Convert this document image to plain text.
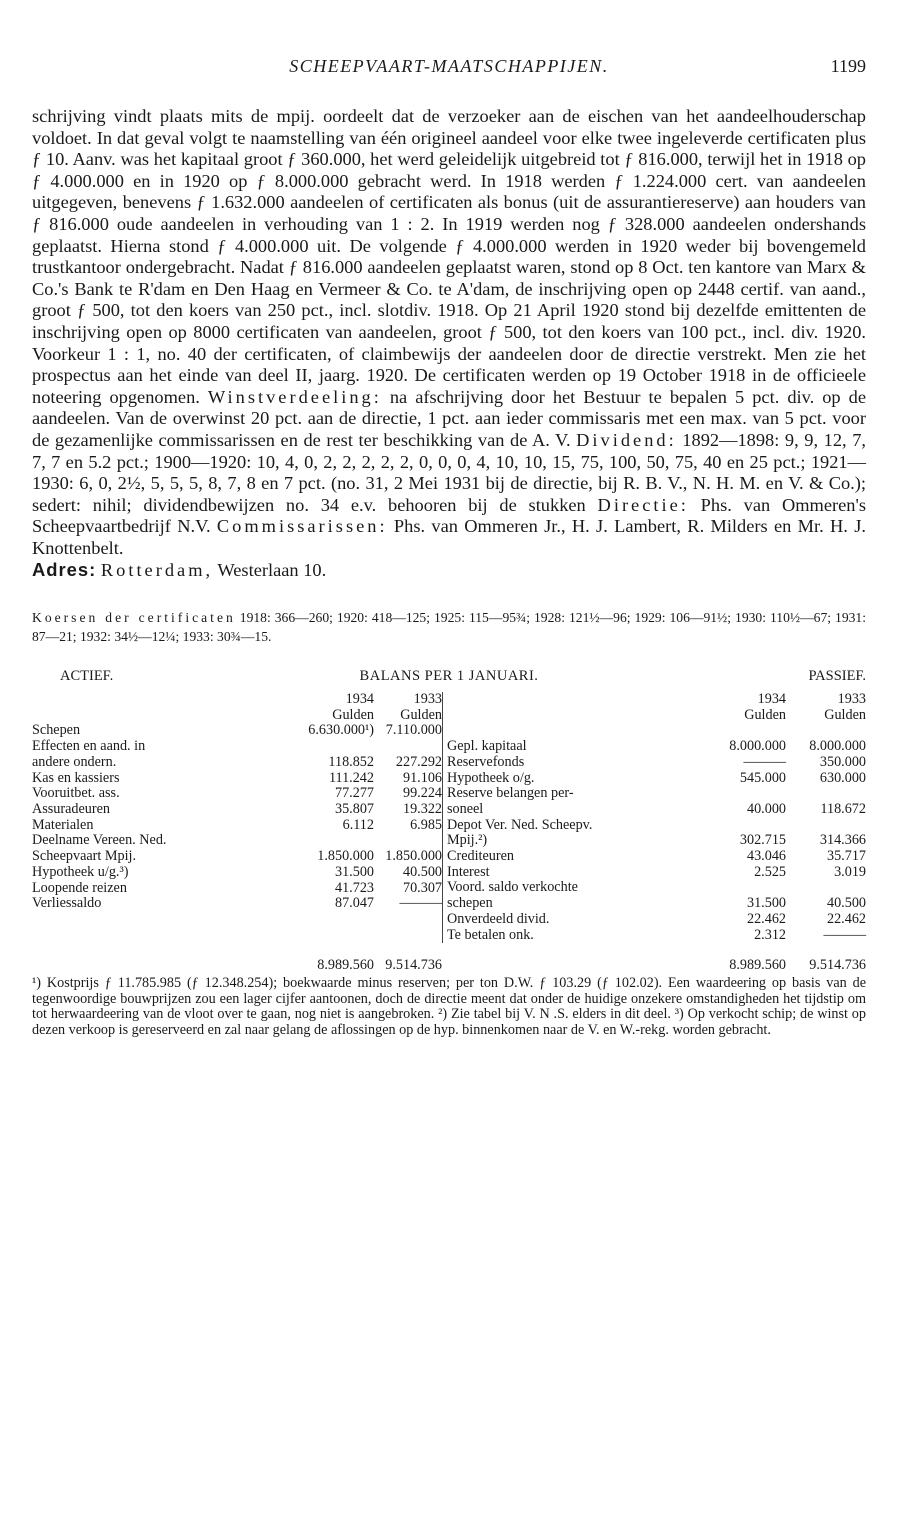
SCHEEPVAART-MAATSCHAPPIJEN.	1199

schrijving vindt plaats mits de mpij. oordeelt dat de verzoeker aan de eischen van het aandeelhouderschap voldoet. In dat geval volgt te naamstelling van één origineel aandeel voor elke twee ingeleverde certificaten plus ƒ 10. Aanv. was het kapitaal groot ƒ 360.000, het werd geleidelijk uitgebreid tot ƒ 816.000, terwijl het in 1918 op ƒ 4.000.000 en in 1920 op ƒ 8.000.000 gebracht werd. In 1918 werden ƒ 1.224.000 cert. van aandeelen uitgegeven, benevens ƒ 1.632.000 aandeelen of certificaten als bonus (uit de assurantiereserve) aan houders van ƒ 816.000 oude aandeelen in verhouding van 1 : 2. In 1919 werden nog ƒ 328.000 aandeelen ondershands geplaatst. Hierna stond ƒ 4.000.000 uit. De volgende ƒ 4.000.000 werden in 1920 weder bij bovengemeld trustkantoor ondergebracht. Nadat ƒ 816.000 aandeelen geplaatst waren, stond op 8 Oct. ten kantore van Marx & Co.'s Bank te R'dam en Den Haag en Vermeer & Co. te A'dam, de inschrijving open op 2448 certif. van aand., groot ƒ 500, tot den koers van 250 pct., incl. slotdiv. 1918. Op 21 April 1920 stond bij dezelfde emittenten de inschrijving open op 8000 certificaten van aandeelen, groot ƒ 500, tot den koers van 100 pct., incl. div. 1920. Voorkeur 1 : 1, no. 40 der certificaten, of claimbewijs der aandeelen door de directie verstrekt. Men zie het prospectus aan het einde van deel II, jaarg. 1920. De certificaten werden op 19 October 1918 in de officieele noteering opgenomen. Winstverdeeling: na afschrijving door het Bestuur te bepalen 5 pct. div. op de aandeelen. Van de overwinst 20 pct. aan de directie, 1 pct. aan ieder commissaris met een max. van 5 pct. voor de gezamenlijke commissarissen en de rest ter beschikking van de A. V. Dividend: 1892—1898: 9, 9, 12, 7, 7, 7 en 5.2 pct.; 1900—1920: 10, 4, 0, 2, 2, 2, 2, 2, 0, 0, 0, 4, 10, 10, 15, 75, 100, 50, 75, 40 en 25 pct.; 1921—1930: 6, 0, 2½, 5, 5, 5, 8, 7, 8 en 7 pct. (no. 31, 2 Mei 1931 bij de directie, bij R. B. V., N. H. M. en V. & Co.); sedert: nihil; dividendbewijzen no. 34 e.v. behooren bij de stukken Directie: Phs. van Ommeren's Scheepvaartbedrijf N.V. Commissarissen: Phs. van Ommeren Jr., H. J. Lambert, R. Milders en Mr. H. J. Knottenbelt.
Adres: Rotterdam, Westerlaan 10.

Koersen der certificaten 1918: 366—260; 1920: 418—125; 1925: 115—95¾; 1928: 121½—96; 1929: 106—91½; 1930: 110½—67; 1931: 87—21; 1932: 34½—12¼; 1933: 30¾—15.

BALANS PER 1 JANUARI.
ACTIEF.	PASSIEF.
1934	1933
Gulden	Gulden
Schepen	6.630.000¹) 7.110.000
Effecten en aand. in
andere ondern.	118.852	227.292
Kas en kassiers	111.242	91.106
Vooruitbet. ass.	77.277	99.224
Assuradeuren	35.807	19.322
Materialen	6.112	6.985
Deelname Vereen. Ned.
Scheepvaart Mpij.	1.850.000 1.850.000
Hypotheek u/g.³)	31.500	40.500
Loopende reizen	41.723	70.307
Verliessaldo	87.047	———
1934	1933
Gulden	Gulden
Gepl. kapitaal	8.000.000	8.000.000
Reservefonds	———	350.000
Hypotheek o/g.	545.000	630.000
Reserve belangen per-
soneel	40.000	118.672
Depot Ver. Ned. Scheepv.
Mpij.²)	302.715	314.366
Crediteuren	43.046	35.717
Interest	2.525	3.019
Voord. saldo verkochte
schepen	31.500	40.500
Onverdeeld divid.	22.462	22.462
Te betalen onk.	2.312	———
8.989.560 9.514.736	8.989.560	9.514.736

¹) Kostprijs ƒ 11.785.985 (ƒ 12.348.254); boekwaarde minus reserven; per ton D.W. ƒ 103.29 (ƒ 102.02). Een waardeering op basis van de tegenwoordige bouwprijzen zou een lager cijfer aantoonen, doch de directie meent dat onder de huidige onzekere omstandigheden het tijdstip om tot herwaardeering van de vloot over te gaan, nog niet is aangebroken. ²) Zie tabel bij V. N .S. elders in dit deel. ³) Op verkocht schip; de winst op dezen verkoop is gereserveerd en zal naar gelang de aflossingen op de hyp. binnenkomen naar de V. en W.-rekg. worden gebracht.
